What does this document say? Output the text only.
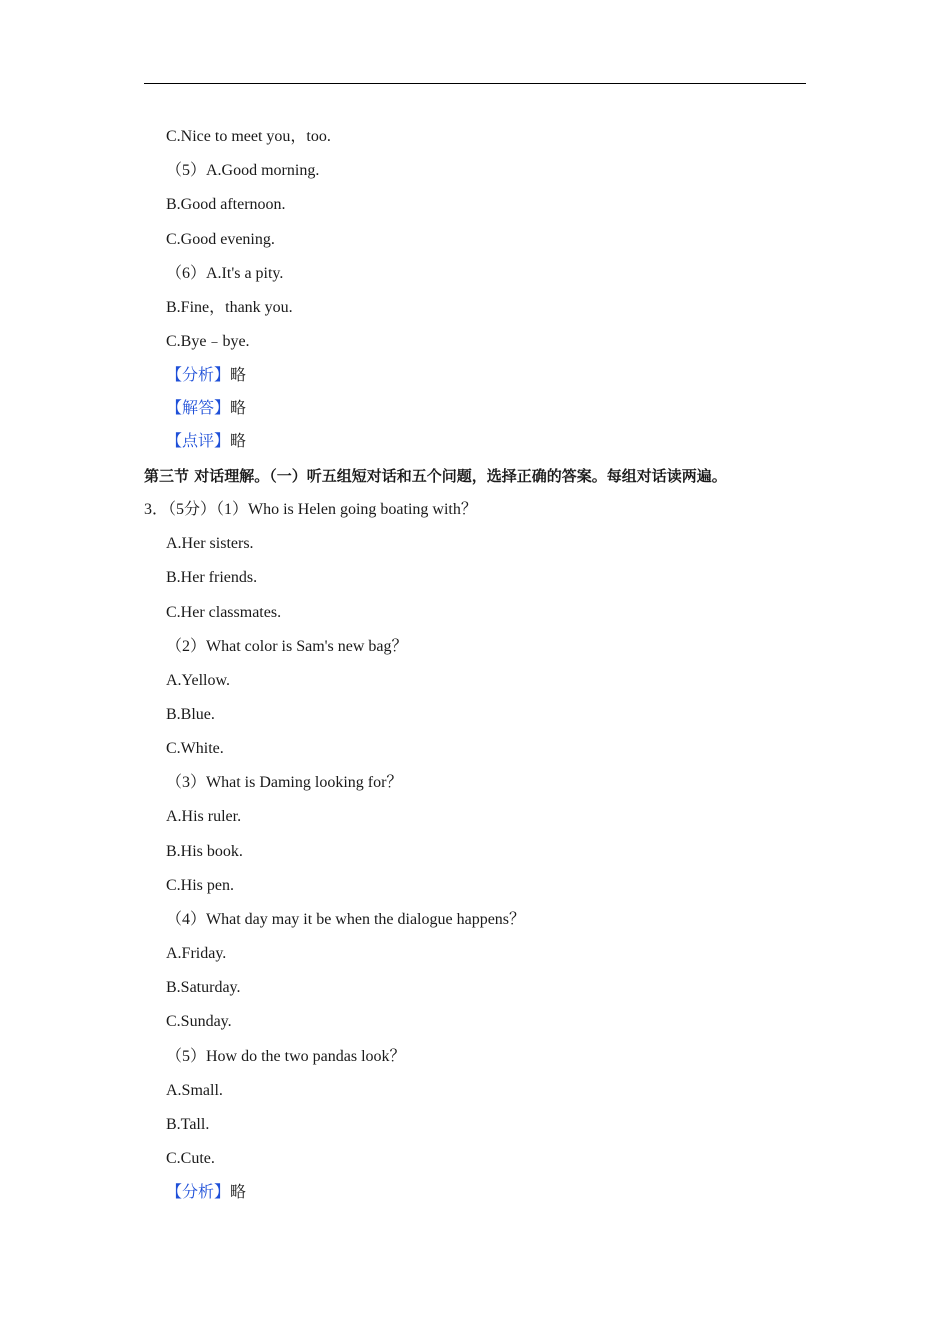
C.Nice to meet you，too.
（5）A.Good morning.
B.Good afternoon.
C.Good evening.
（6）A.It's a pity.
B.Fine，thank you.
C.Bye﹣bye.
【分析】略
【解答】略
【点评】略
第三节 对话理解。（一）听五组短对话和五个问题，选择正确的答案。每组对话读两遍。
3．（5分）（1）Who is Helen going boating with？
A.Her sisters.
B.Her friends.
C.Her classmates.
（2）What color is Sam's new bag？
A.Yellow.
B.Blue.
C.White.
（3）What is Daming looking for？
A.His ruler.
B.His book.
C.His pen.
（4）What day may it be when the dialogue happens？
A.Friday.
B.Saturday.
C.Sunday.
（5）How do the two pandas look？
A.Small.
B.Tall.
C.Cute.
【分析】略
